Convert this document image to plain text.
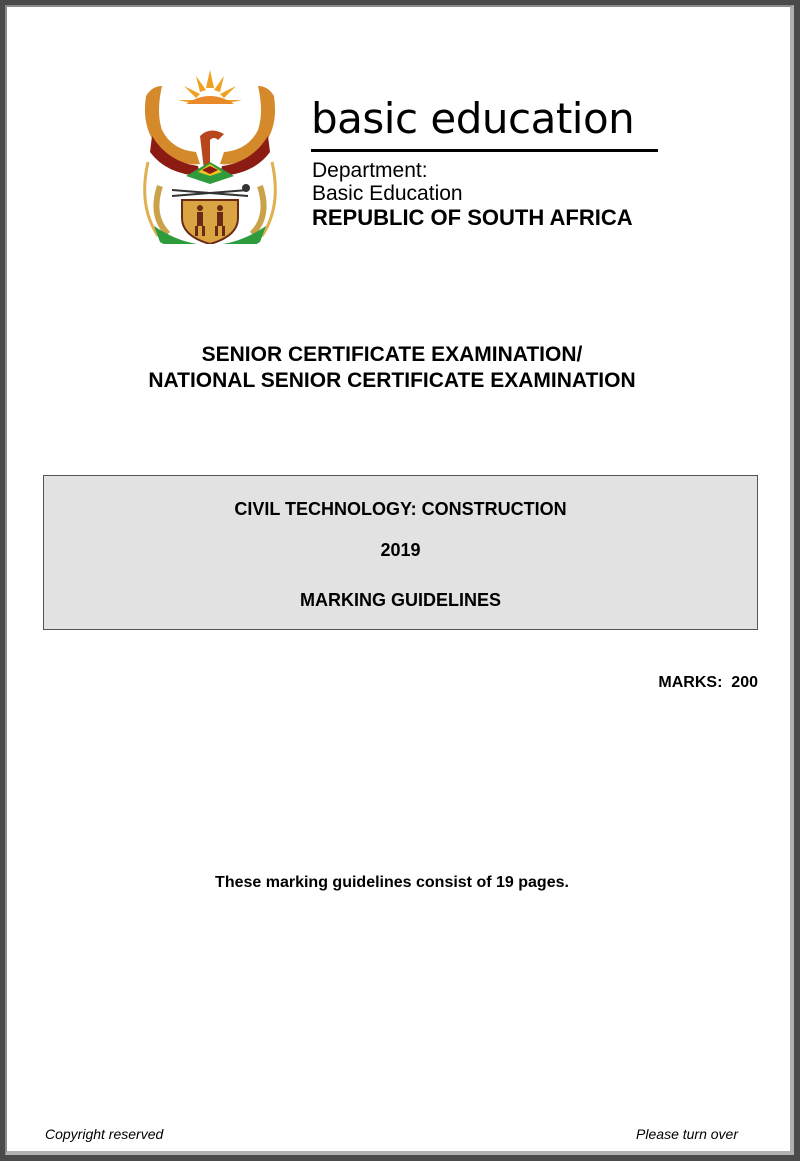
basic education
Department:
Basic Education
REPUBLIC OF SOUTH AFRICA
SENIOR CERTIFICATE EXAMINATION/
NATIONAL SENIOR CERTIFICATE EXAMINATION
CIVIL TECHNOLOGY: CONSTRUCTION
2019
MARKING GUIDELINES
MARKS:  200
These marking guidelines consist of 19 pages.
Copyright reserved	Please turn over
